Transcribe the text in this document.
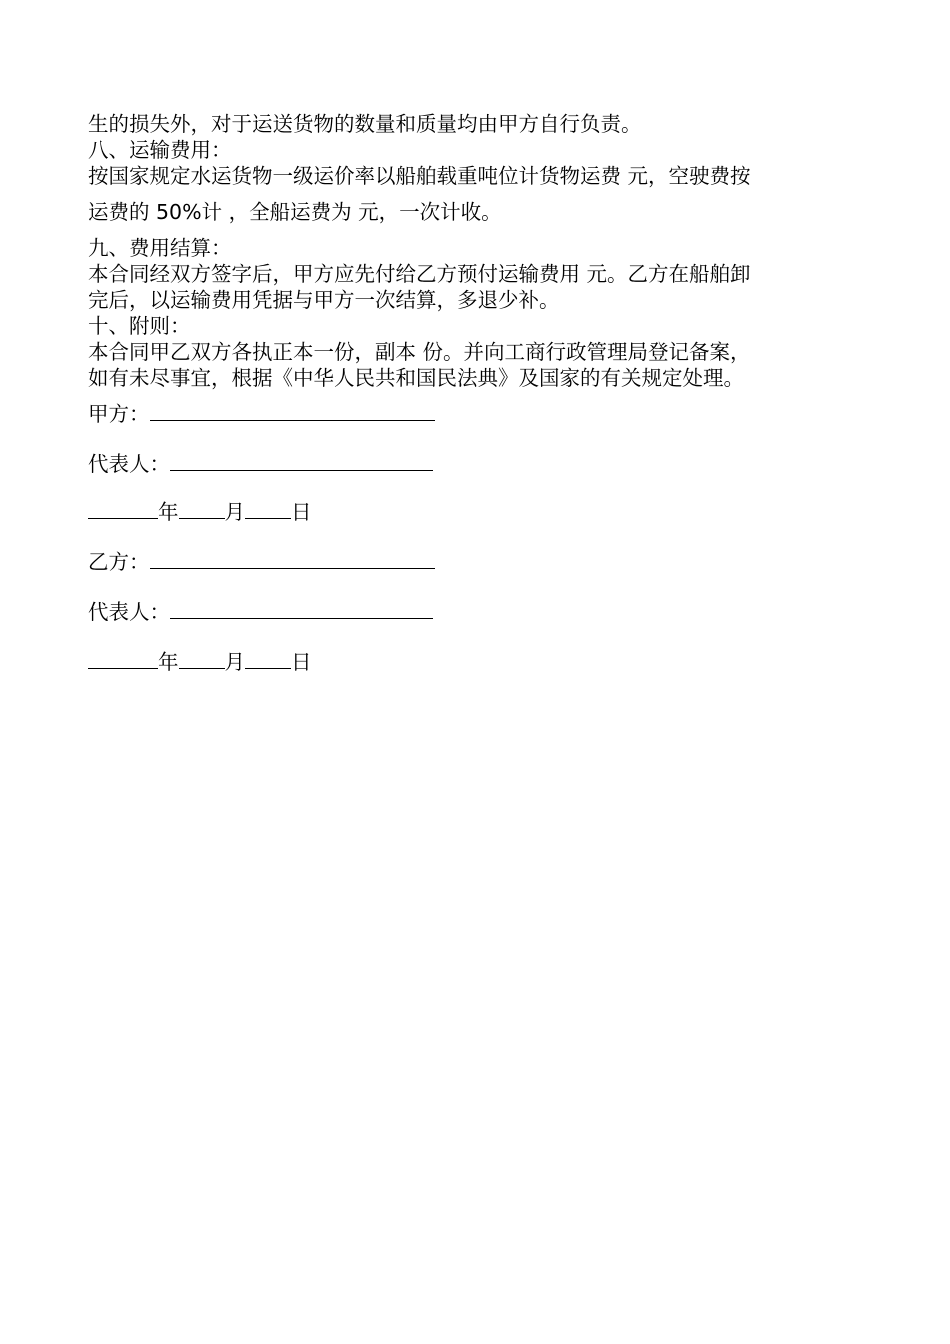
生的损失外，对于运送货物的数量和质量均由甲方自行负责。
八、运输费用：
按国家规定水运货物一级运价率以船舶载重吨位计货物运费 元，空驶费按
运费的 50%计 ，全船运费为 元，一次计收。
九、费用结算：
本合同经双方签字后，甲方应先付给乙方预付运输费用 元。乙方在船舶卸
完后，以运输费用凭据与甲方一次结算，多退少补。
十、附则：
本合同甲乙双方各执正本一份，副本 份。并向工商行政管理局登记备案，
如有未尽事宜，根据《中华人民共和国民法典》及国家的有关规定处理。
甲方：
代表人：
年 月 日
乙方：
代表人：
年 月 日
